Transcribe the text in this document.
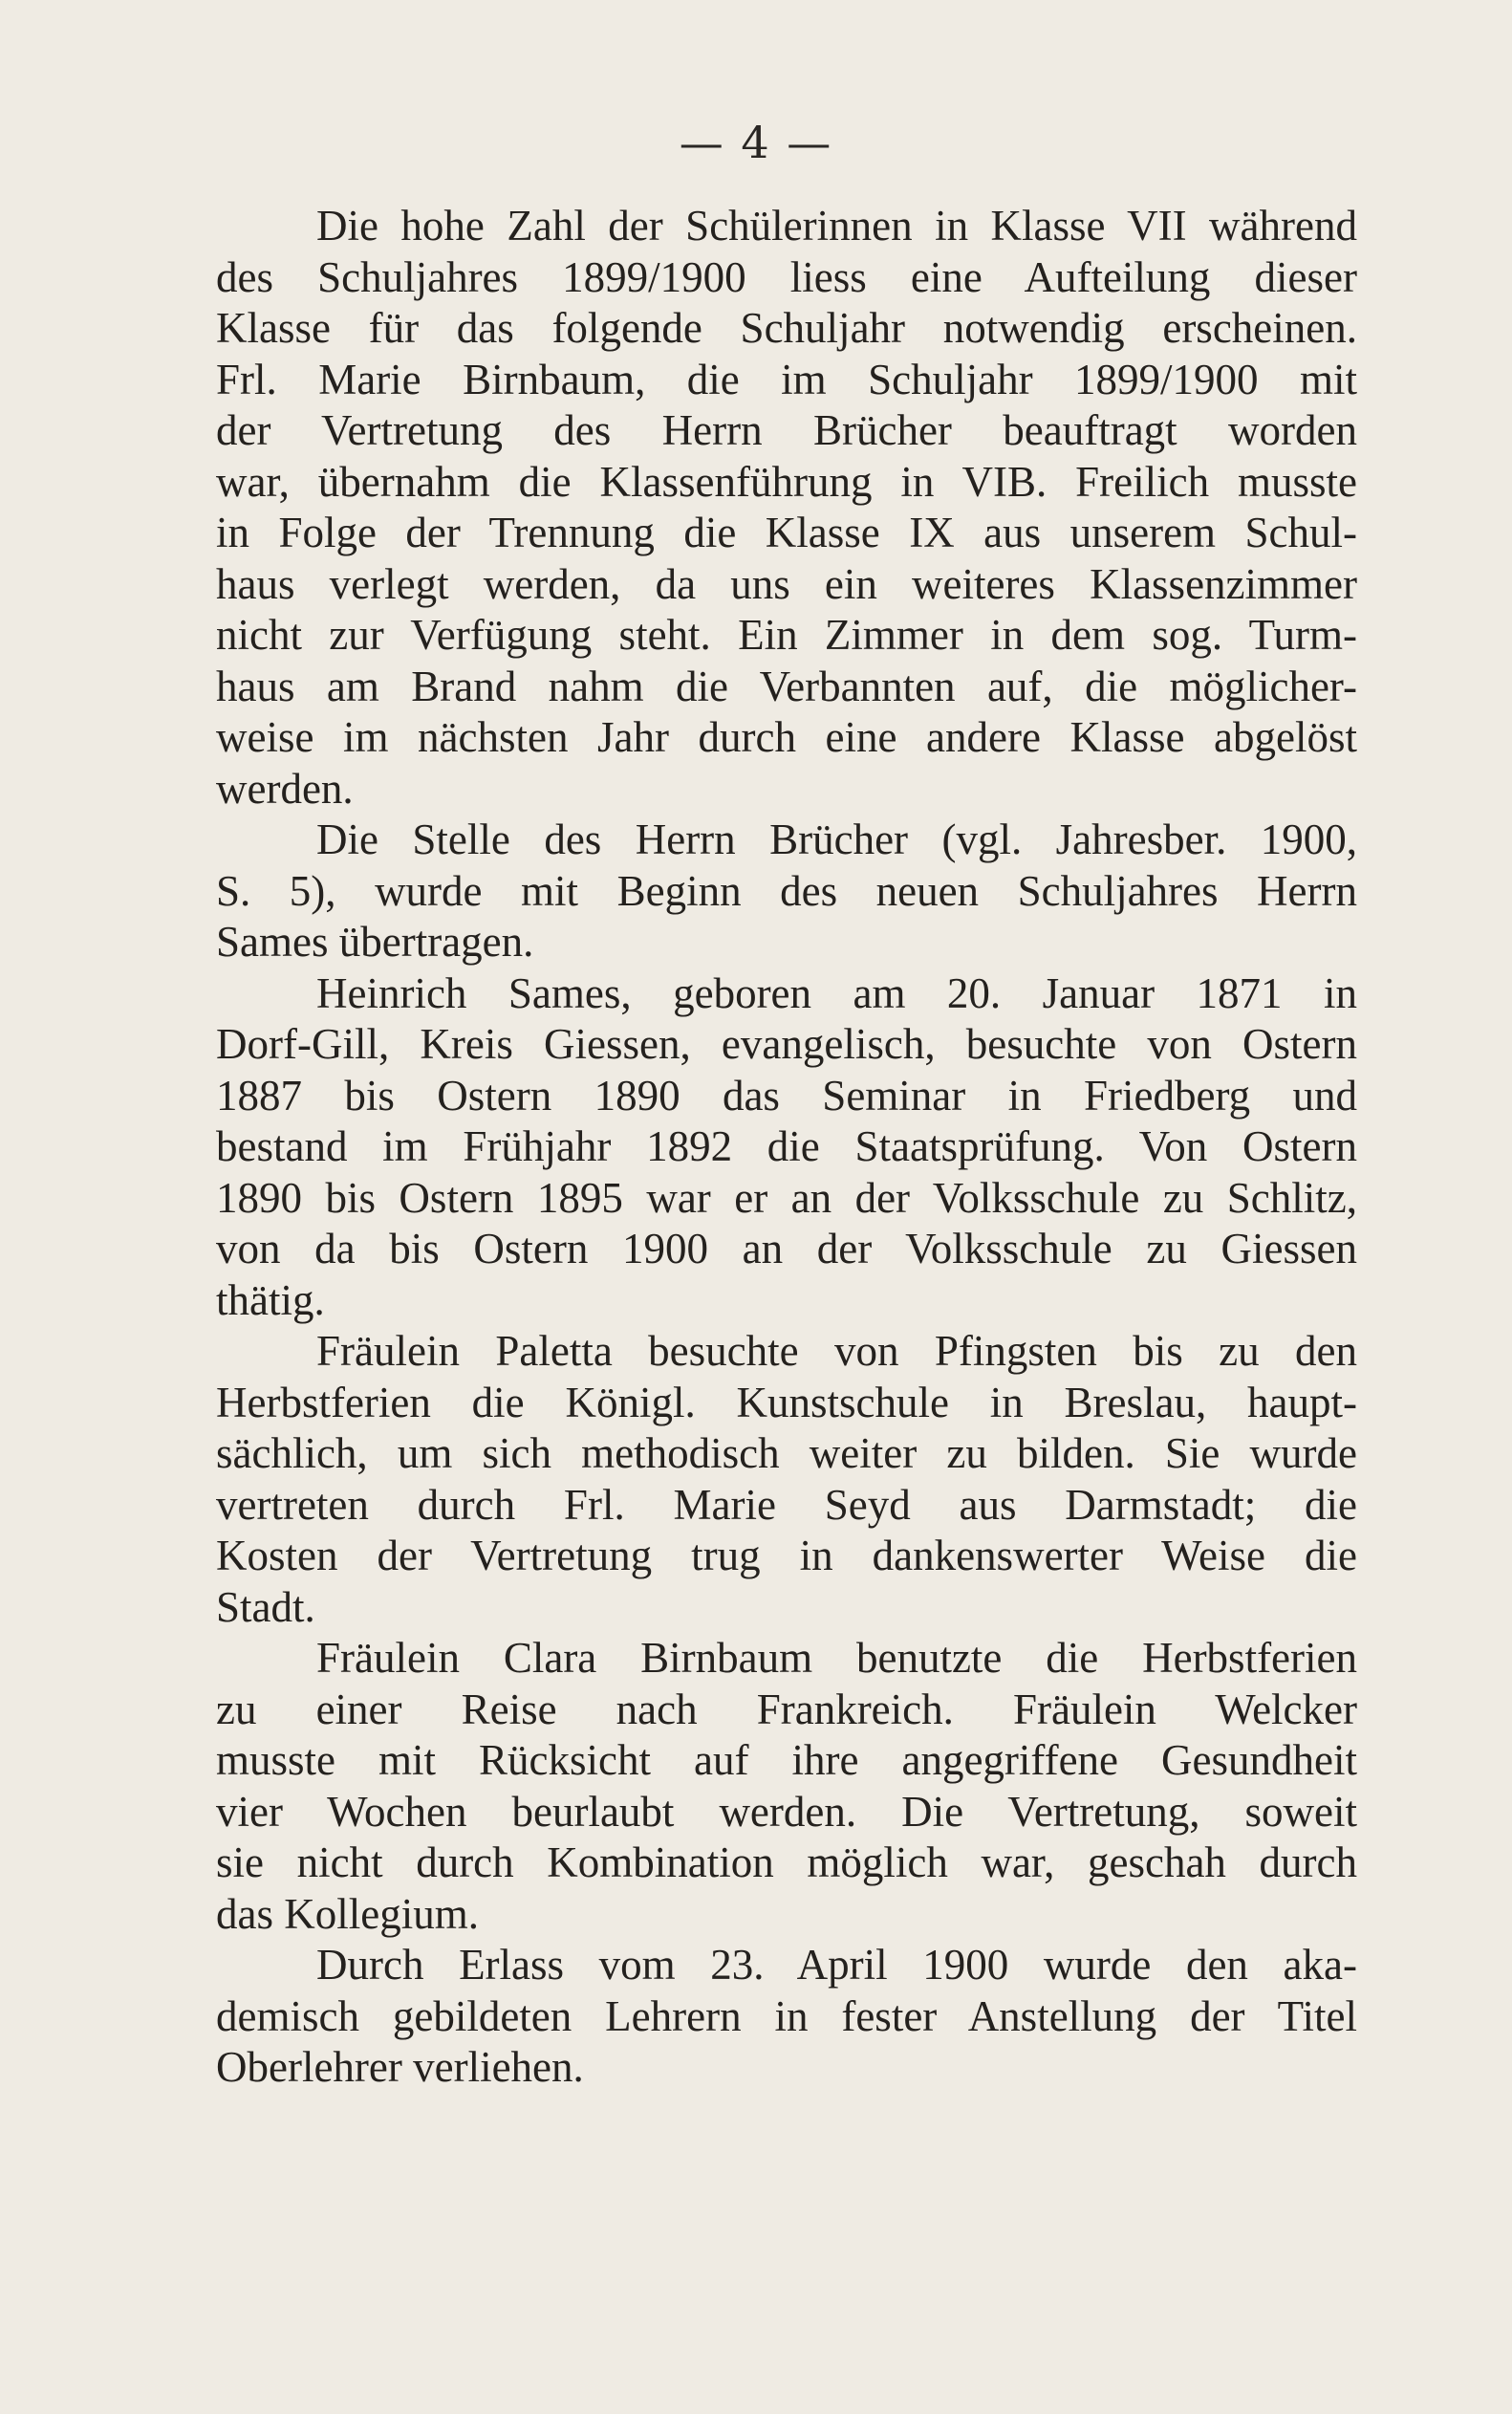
— 4 —

Die hohe Zahl der Schülerinnen in Klasse VII während
des Schuljahres 1899/1900 liess eine Aufteilung dieser
Klasse für das folgende Schuljahr notwendig erscheinen.
Frl. Marie Birnbaum, die im Schuljahr 1899/1900 mit
der Vertretung des Herrn Brücher beauftragt worden
war, übernahm die Klassenführung in VIB. Freilich musste
in Folge der Trennung die Klasse IX aus unserem Schul-
haus verlegt werden, da uns ein weiteres Klassenzimmer
nicht zur Verfügung steht. Ein Zimmer in dem sog. Turm-
haus am Brand nahm die Verbannten auf, die möglicher-
weise im nächsten Jahr durch eine andere Klasse abgelöst
werden.

Die Stelle des Herrn Brücher (vgl. Jahresber. 1900,
S. 5), wurde mit Beginn des neuen Schuljahres Herrn
Sames übertragen.

Heinrich Sames, geboren am 20. Januar 1871 in
Dorf-Gill, Kreis Giessen, evangelisch, besuchte von Ostern
1887 bis Ostern 1890 das Seminar in Friedberg und
bestand im Frühjahr 1892 die Staatsprüfung. Von Ostern
1890 bis Ostern 1895 war er an der Volksschule zu Schlitz,
von da bis Ostern 1900 an der Volksschule zu Giessen
thätig.

Fräulein Paletta besuchte von Pfingsten bis zu den
Herbstferien die Königl. Kunstschule in Breslau, haupt-
sächlich, um sich methodisch weiter zu bilden. Sie wurde
vertreten durch Frl. Marie Seyd aus Darmstadt; die
Kosten der Vertretung trug in dankenswerter Weise die
Stadt.

Fräulein Clara Birnbaum benutzte die Herbstferien
zu einer Reise nach Frankreich. Fräulein Welcker
musste mit Rücksicht auf ihre angegriffene Gesundheit
vier Wochen beurlaubt werden. Die Vertretung, soweit
sie nicht durch Kombination möglich war, geschah durch
das Kollegium.

Durch Erlass vom 23. April 1900 wurde den aka-
demisch gebildeten Lehrern in fester Anstellung der Titel
Oberlehrer verliehen.
